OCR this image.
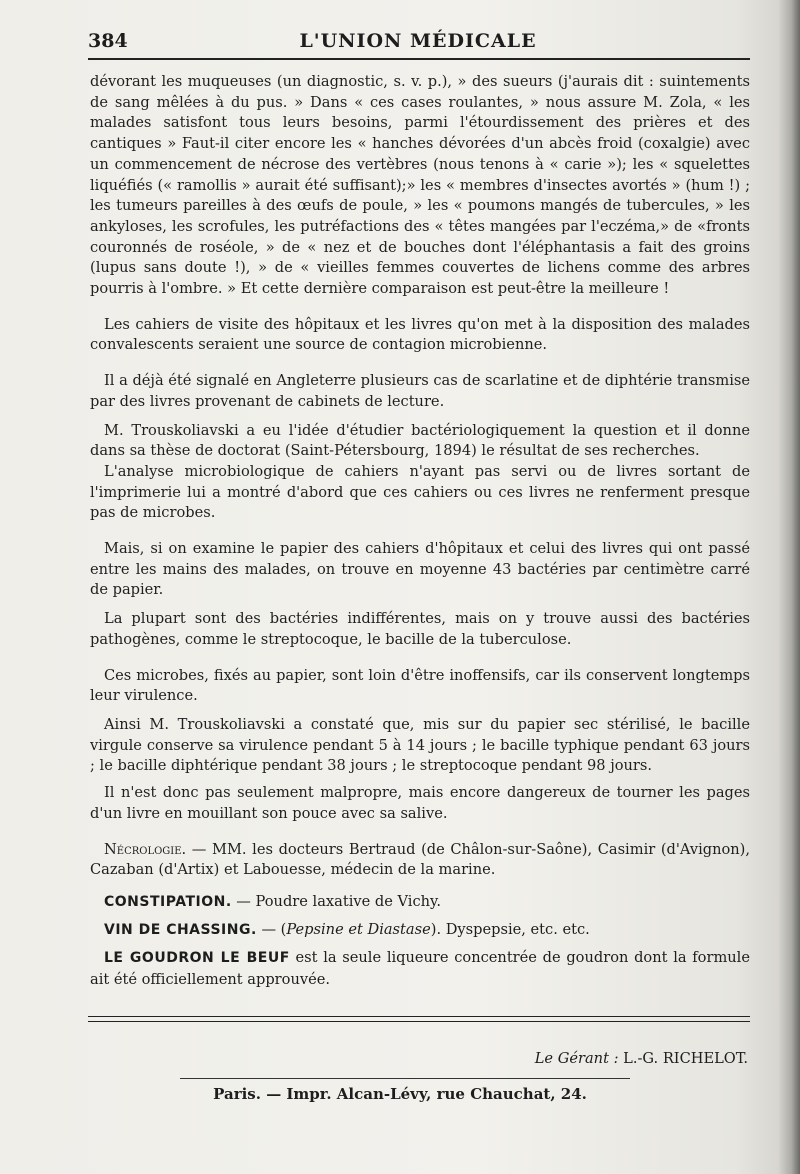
384	L'UNION MÉDICALE

dévorant les muqueuses (un diagnostic, s. v. p.), » des sueurs (j'aurais dit : suintements de sang mêlées à du pus. » Dans « ces cases roulantes, » nous assure M. Zola, « les malades satisfont tous leurs besoins, parmi l'étourdissement des prières et des cantiques » Faut-il citer encore les « hanches dévorées d'un abcès froid (coxalgie) avec un commencement de nécrose des vertèbres (nous tenons à « carie »); les « squelettes liquéfiés (« ramollis » aurait été suffisant);» les « membres d'insectes avortés » (hum !) ; les tumeurs pareilles à des œufs de poule, » les « poumons mangés de tubercules, » les ankyloses, les scrofules, les putréfactions des « têtes mangées par l'eczéma,» de «fronts couronnés de roséole, » de « nez et de bouches dont l'éléphantasis a fait des groins (lupus sans doute !), » de « vieilles femmes couvertes de lichens comme des arbres pourris à l'ombre. » Et cette dernière comparaison est peut-être la meilleure !

Les cahiers de visite des hôpitaux et les livres qu'on met à la disposition des malades convalescents seraient une source de contagion microbienne.

Il a déjà été signalé en Angleterre plusieurs cas de scarlatine et de diphtérie transmise par des livres provenant de cabinets de lecture.

M. Trouskoliavski a eu l'idée d'étudier bactériologiquement la question et il donne dans sa thèse de doctorat (Saint-Pétersbourg, 1894) le résultat de ses recherches.

L'analyse microbiologique de cahiers n'ayant pas servi ou de livres sortant de l'imprimerie lui a montré d'abord que ces cahiers ou ces livres ne renferment presque pas de microbes.

Mais, si on examine le papier des cahiers d'hôpitaux et celui des livres qui ont passé entre les mains des malades, on trouve en moyenne 43 bactéries par centimètre carré de papier.

La plupart sont des bactéries indifférentes, mais on y trouve aussi des bactéries pathogènes, comme le streptocoque, le bacille de la tuberculose.

Ces microbes, fixés au papier, sont loin d'être inoffensifs, car ils conservent longtemps leur virulence.

Ainsi M. Trouskoliavski a constaté que, mis sur du papier sec stérilisé, le bacille virgule conserve sa virulence pendant 5 à 14 jours ; le bacille typhique pendant 63 jours ; le bacille diphtérique pendant 38 jours ; le streptocoque pendant 98 jours.

Il n'est donc pas seulement malpropre, mais encore dangereux de tourner les pages d'un livre en mouillant son pouce avec sa salive.

Nécrologie. — MM. les docteurs Bertraud (de Châlon-sur-Saône), Casimir (d'Avignon), Cazaban (d'Artix) et Labouesse, médecin de la marine.

CONSTIPATION. — Poudre laxative de Vichy.

VIN DE CHASSING. — (Pepsine et Diastase). Dyspepsie, etc. etc.

LE GOUDRON LE BEUF est la seule liqueure concentrée de goudron dont la formule ait été officiellement approuvée.

Le Gérant : L.-G. RICHELOT.
Paris. — Impr. Alcan-Lévy, rue Chauchat, 24.
